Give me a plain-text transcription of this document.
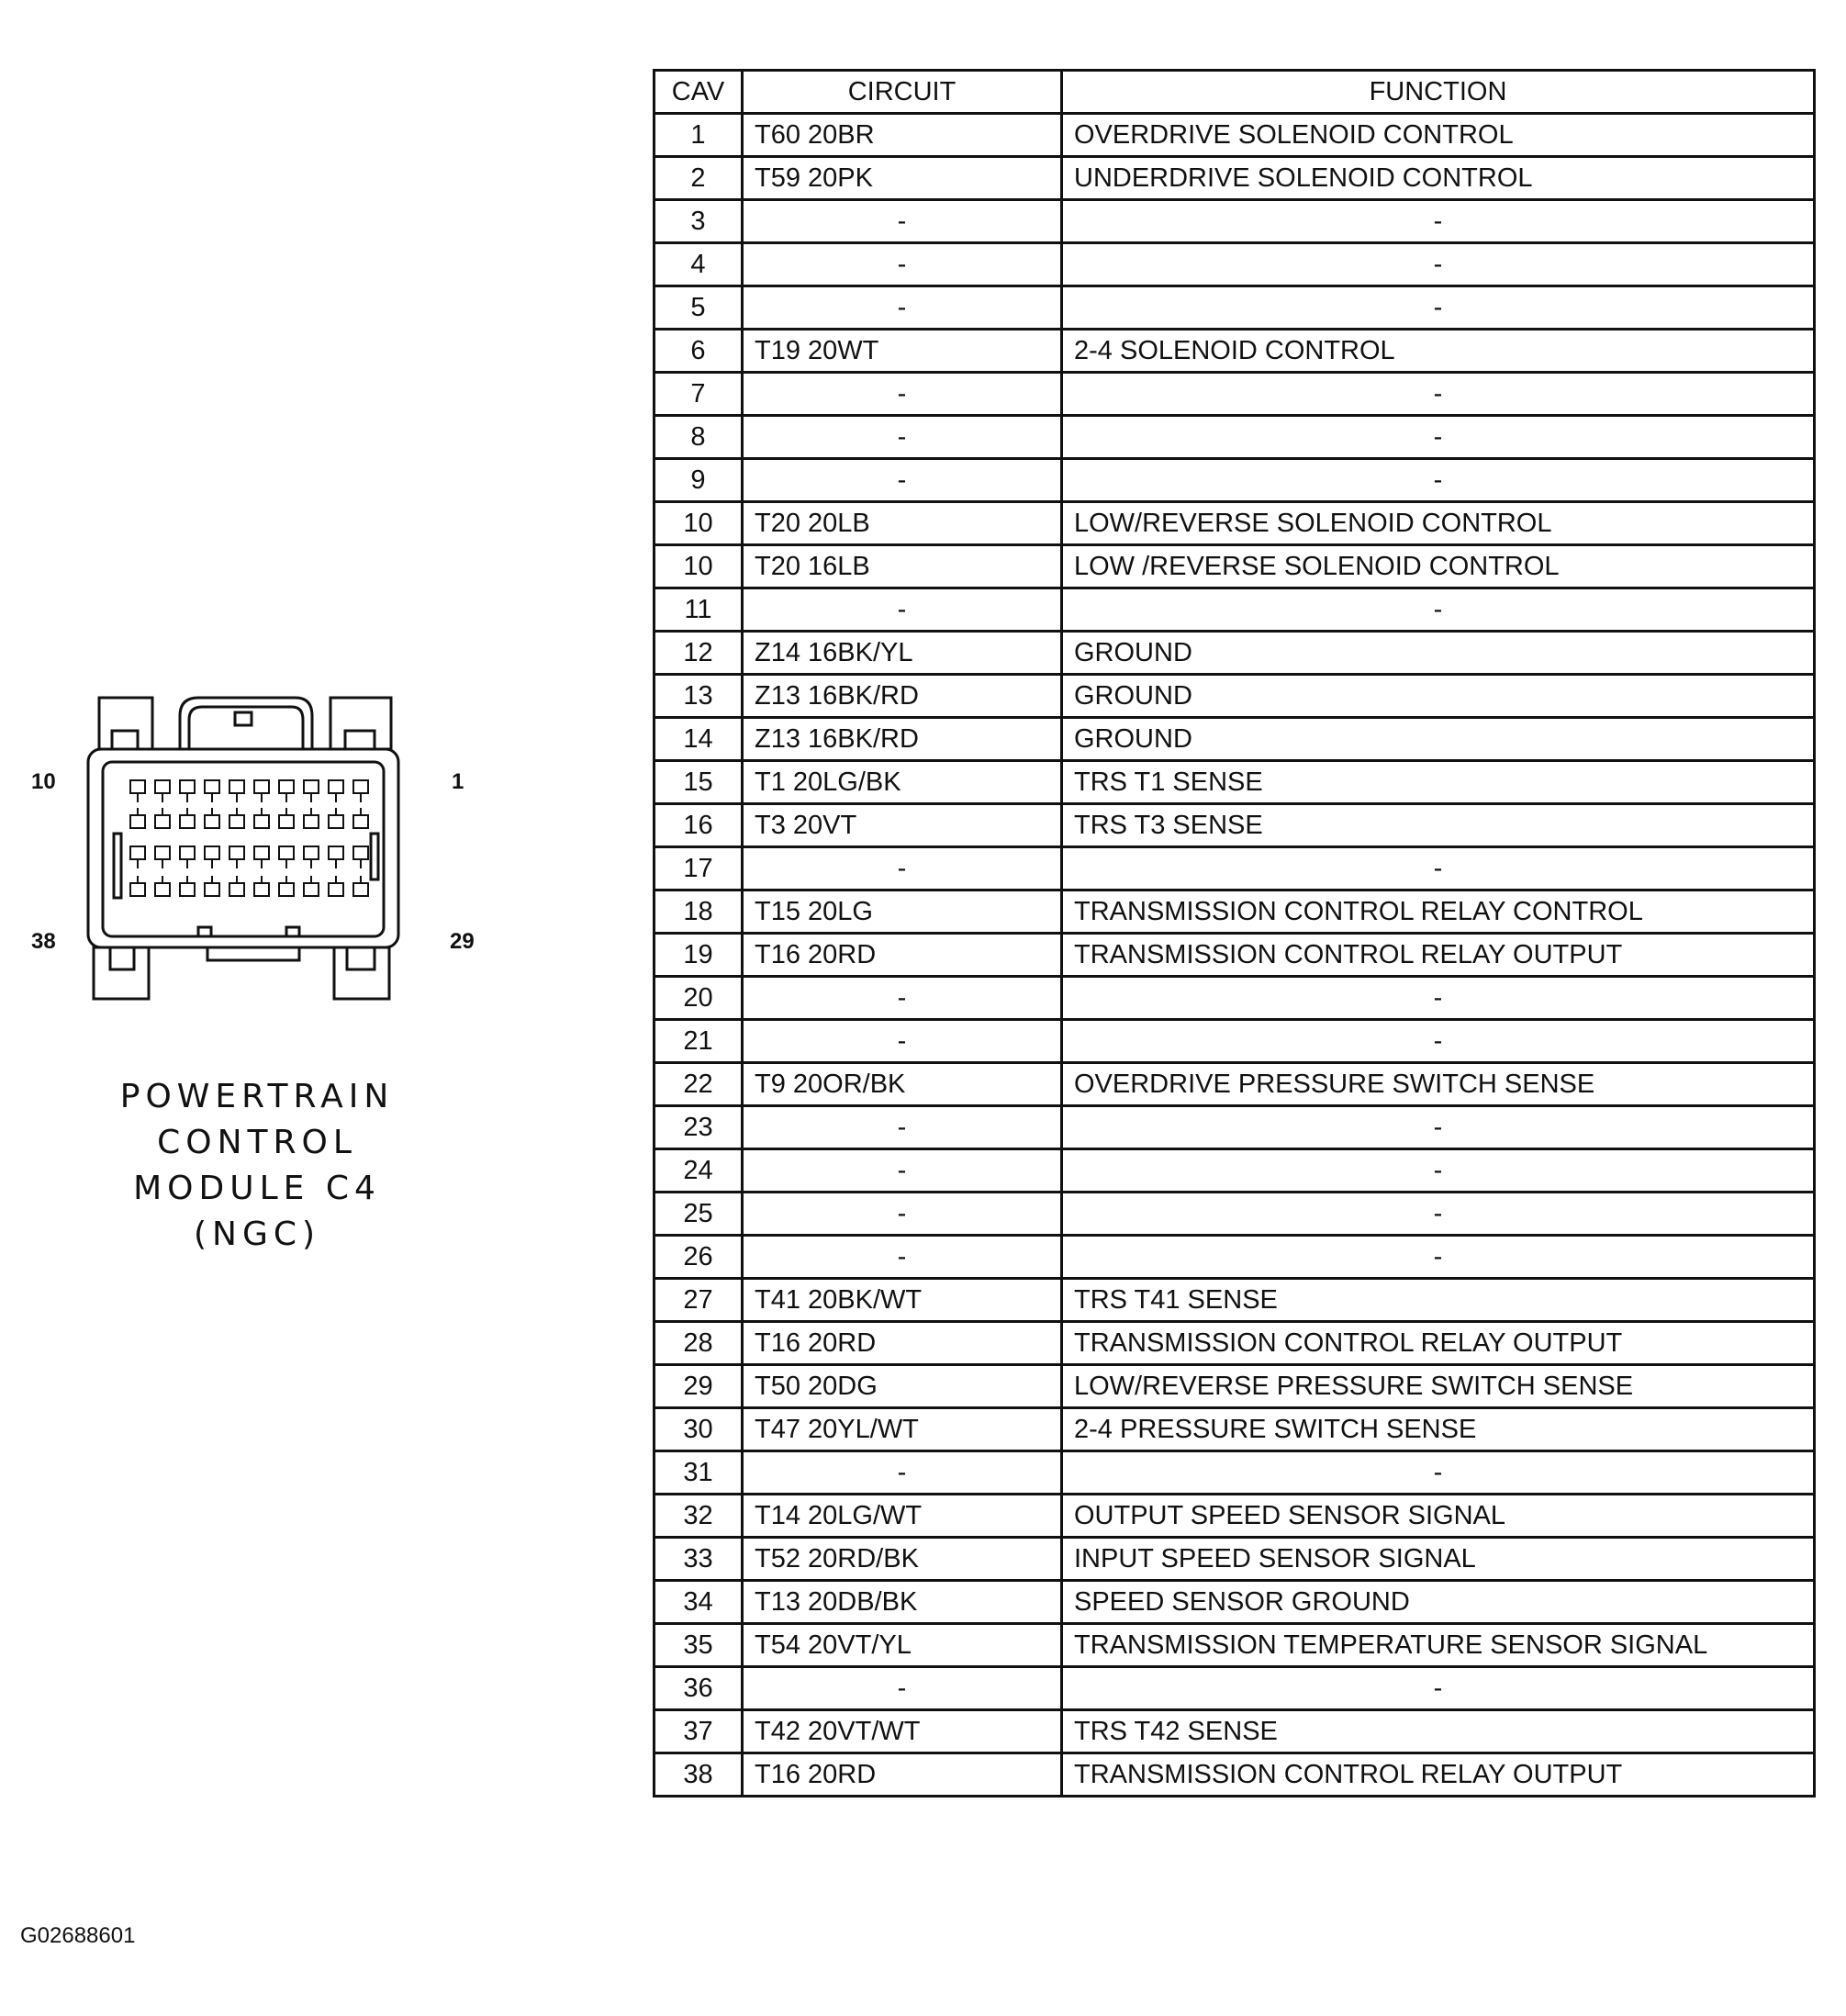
10	1
38	29
POWERTRAIN
CONTROL
MODULE C4
(NGC)
G02688601
CAV	CIRCUIT	FUNCTION
1	T60 20BR	OVERDRIVE SOLENOID CONTROL
2	T59 20PK	UNDERDRIVE SOLENOID CONTROL
3	-	-
4	-	-
5	-	-
6	T19 20WT	2-4 SOLENOID CONTROL
7	-	-
8	-	-
9	-	-
10	T20 20LB	LOW/REVERSE SOLENOID CONTROL
10	T20 16LB	LOW /REVERSE SOLENOID CONTROL
11	-	-
12	Z14 16BK/YL	GROUND
13	Z13 16BK/RD	GROUND
14	Z13 16BK/RD	GROUND
15	T1 20LG/BK	TRS T1 SENSE
16	T3 20VT	TRS T3 SENSE
17	-	-
18	T15 20LG	TRANSMISSION CONTROL RELAY CONTROL
19	T16 20RD	TRANSMISSION CONTROL RELAY OUTPUT
20	-	-
21	-	-
22	T9 20OR/BK	OVERDRIVE PRESSURE SWITCH SENSE
23	-	-
24	-	-
25	-	-
26	-	-
27	T41 20BK/WT	TRS T41 SENSE
28	T16 20RD	TRANSMISSION CONTROL RELAY OUTPUT
29	T50 20DG	LOW/REVERSE PRESSURE SWITCH SENSE
30	T47 20YL/WT	2-4 PRESSURE SWITCH SENSE
31	-	-
32	T14 20LG/WT	OUTPUT SPEED SENSOR SIGNAL
33	T52 20RD/BK	INPUT SPEED SENSOR SIGNAL
34	T13 20DB/BK	SPEED SENSOR GROUND
35	T54 20VT/YL	TRANSMISSION TEMPERATURE SENSOR SIGNAL
36	-	-
37	T42 20VT/WT	TRS T42 SENSE
38	T16 20RD	TRANSMISSION CONTROL RELAY OUTPUT
